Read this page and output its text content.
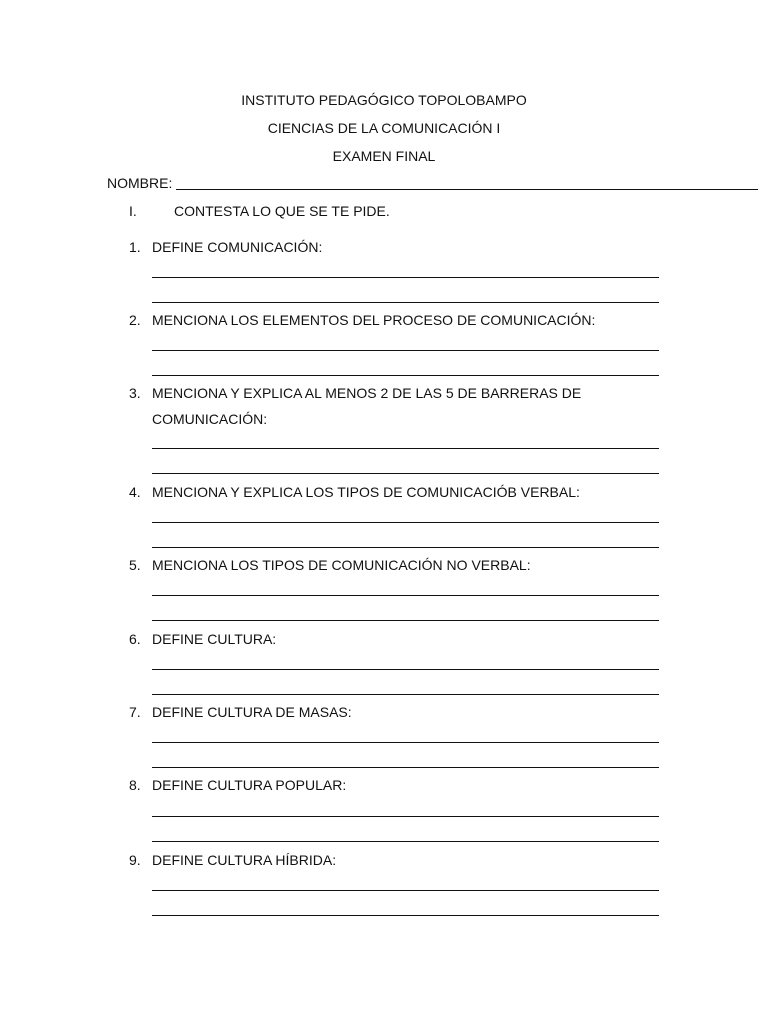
INSTITUTO PEDAGÓGICO TOPOLOBAMPO
CIENCIAS DE LA COMUNICACIÓN I
EXAMEN FINAL
NOMBRE:
I.	CONTESTA LO QUE SE TE PIDE.
1. DEFINE COMUNICACIÓN:
2. MENCIONA LOS ELEMENTOS DEL PROCESO DE COMUNICACIÓN:
3. MENCIONA Y EXPLICA AL MENOS 2 DE LAS 5 DE BARRERAS DE COMUNICACIÓN:
4. MENCIONA Y EXPLICA LOS TIPOS DE COMUNICACIÓB VERBAL:
5. MENCIONA LOS TIPOS DE COMUNICACIÓN NO VERBAL:
6. DEFINE CULTURA:
7. DEFINE CULTURA DE MASAS:
8. DEFINE CULTURA POPULAR:
9. DEFINE CULTURA HÍBRIDA:
